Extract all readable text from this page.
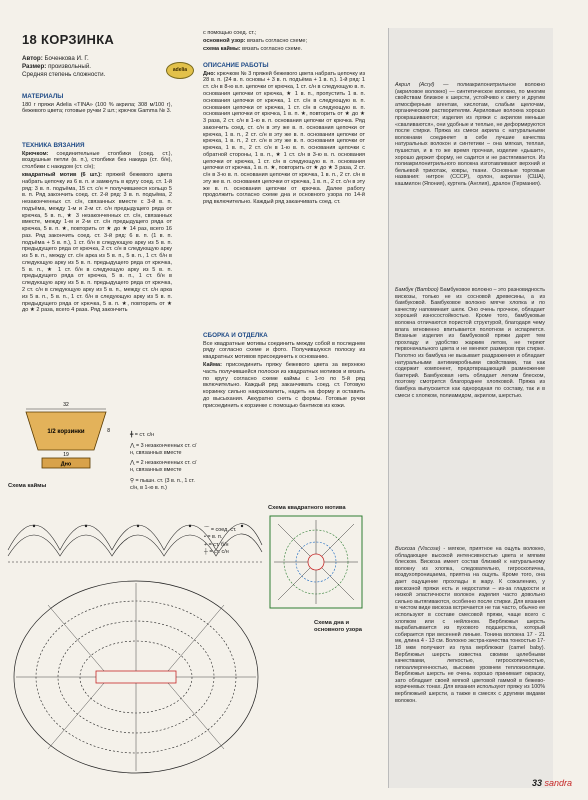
18 КОРЗИНКА
Автор: Боченкова И. Г.
Размер: произвольный.
Средняя степень сложности.
adelia
МАТЕРИАЛЫ

180 г пряжи Adelia «TINA» (100 % акрила; 308 м/100 г), бежевого цвета; готовые ручки 2 шт.; крючок Gamma № 3.

ТЕХНИКА ВЯЗАНИЯ

Крючком: соединительные столбики (соед. ст.), воздушные петли (в. п.), столбики без накида (ст. б/н), столбики с накидом (ст. с/н);

квадратный мотив (6 шт.): пряжей бежевого цвета набрать цепочку из 6 в. п. и замкнуть в кругу соед. ст. 1-й ряд: 3 в. п. подъёма, 15 ст. с/н = получившееся кольцо 5 в. п. Ряд закончить соед. ст. 2-й ряд: 3 в. п. подъёма, 2 незаконченных ст. с/н, связанных вместе с 3-й в. п. подъёма, между 1-м и 2-м ст. с/н предыдущего ряда от крючка, 5 в. п., ★ 3 незаконченных ст. с/н, связанных вместе, между 1-м и 2-м ст. с/н предыдущего ряда от крючка, 5 в. п. ★, повторить от ★ до ★ 14 раз, всего 16 раз. Ряд закончить соед. ст. 3-й ряд: 6 в. п. (1 в. п. подъёма + 5 в. п.), 1 ст. б/н в следующую арку из 5 в. п. предыдущего ряда от крючка, 2 ст. с/н в следующую арку из 5 в. п., между ст. с/н арка из 5 в. п., 5 в. п., 1 ст. б/н в следующую арку из 5 в. п. предыдущего ряда от крючка, 5 в. п., ★ 1 ст. б/н в следующую арку из 5 в. п. предыдущего ряда от крючка, 5 в. п., 1 ст. б/н в следующую арку из 5 в. п. предыдущего ряда от крючка, 2 ст. с/н в следующую арку из 5 в. п., между ст. с/н арка из 5 в. п., 5 в. п., 1 ст. б/н в следующую арку из 5 в. п. предыдущего ряда от крючка, 5 в. п. ★, повторить от ★ до ★ 2 раза, всего 4 раза. Ряд закончить

с помощью соед. ст.;

основной узор: вязать согласно схеме;

схема каймы: вязать согласно схеме.

ОПИСАНИЕ РАБОТЫ

Дно: крючком № 3 пряжей бежевого цвета набрать цепочку из 28 в. п. (24 в. п. основы + 3 в. п. подъёма + 1 в. п.). 1-й ряд: 1 ст. с/н в 8-ю в.п. цепочки от крючка, 1 ст. с/н в следующую в. п. основания цепочки от крючка, ★ 1 в. п., пропустить 1 в. п. основания цепочки от крючка, 1 ст. с/н в следующую в. п. основания цепочки от крючка, 1 ст. с/н в следующую в. п. основания цепочки от крючка, 1 в. п. ★, повторить от ★ до ★ 3 раза, 2 ст. с/н в 1-ю в. п. основания цепочки от крючка. Ряд закончить соед. ст. с/н в эту же в. п. основания цепочки от крючка, 1 в. п., 2 ст. с/н в эту же в. п. основания цепочки от крючка, 1 в. п., 2 ст. с/н в эту же в. п. основания цепочки от крючка, 1 в. п., 2 ст. с/н в 1-ю в. п. основания цепочки с обратной стороны, 1 в. п., ★ 1 ст. с/н в 3-ю в. п. основания цепочки от крючка, 1 ст. с/н в следующую в. п. основания цепочки от крючка, 1 в. п. ★, повторить от ★ до ★ 3 раза, 2 ст. с/н в 3-ю в. п. основания цепочки от крючка, 1 в. п., 2 ст. с/н в эту же в. п. основания цепочки от крючка, 1 в. п., 2 ст. с/н в эту же в. п. основания цепочки от крючка. Далее работу продолжить согласно схеме дна и основного узора по 14-й ряд включительно. Каждый ряд заканчивать соед. ст.

СБОРКА И ОТДЕЛКА

Все квадратные мотивы соединить между собой в последнем ряду согласно схеме и фото. Получившуюся полоску из квадратных мотивов присоединить к основанию.

Кайма: присоединить пряжу бежевого цвета за верхнюю часть получившейся полоски из квадратных мотивов и вязать по кругу согласно схеме каймы с 1-го по 5-й ряд включительно. Каждый ряд заканчивать соед. ст. Готовую корзинку сильно накрахмалить, надеть на форму и оставить до высыхания. Аккуратно снять с формы. Готовые ручки присоединить к корзинке с помощью бантиков из кожи.

32
1/2 корзинки	8
19
Дно
╋ = ст. с/н
⋀ = 3 незаконченных ст. с/н, связанных вместе
⋀ = 2 незаконченных ст. с/н, связанных вместе
⚲ = пышн. ст. (3 в. п., 1 ст. с/н, в 1-ю в. п.)
⌒ = соед. ст.
• = в. п.
+ = ст. б/н
┼ = ст. с/н
Схема каймы
Схема квадратного мотива
Схема дна и основного узора

Акрил (Acryl) — полиакрилонитрильное волокно (акриловое волокно) — синтетическое волокно, по многим свойствам близкое к шерсти, устойчиво к свету и другим атмосферным агентам, кислотам, слабым щелочам, органическим растворителям. Акриловые волокна хорошо прокрашиваются; изделия из пряжи с акрилом меньше «сваливаются», они удобные и теплые, не деформируются после стирки. Пряжа из смеси акрила с натуральными волокнами соединяет в себе лучшие качества натуральных волокон и синтетики – она мягкая, теплая, пушистая, и в то же время прочная, изделие «дышит», хорошо держит форму, не садится и не растягивается. Из полиакрилонитрильного волокна изготавливают верхний и бельевой трикотаж, ковры, ткани. Основные торговые названия: нитрон (СССР), орлон, акрилан (США), кашмилон (Япония), куртель (Англия), дралон (Германия).

Бамбук (Bamboo) Бамбуковое волокно – это разновидность вискозы, только не из сосновой древесины, а из бамбуковой. Бамбуковое волокно мягче хлопка и по качеству напоминает шелк. Оно очень прочное, обладает хорошей износостойкостью. Кроме того, бамбуковые волокна отличаются пористой структурой, благодаря чему влага мгновенно впитывается полотном и испаряется. Вязаные изделия из бамбуковой пряжи дарят тем прохладу и удобство жарким летом, не теряют первоначального цвета и не меняют размеров при стирке. Полотно из бамбука не вызывает раздражения и обладает натуральными антимикробными свойствами, так как содержит компонент, предотвращающий размножение бактерий. Бамбуковая нить обладает легким блеском, поэтому смотрится благороднее хлопковой. Пряжа из бамбука выпускается как однородная по составу, так и в смеси с хлопком, полиамидом, акрилом, шерстью.

Вискоза (Viscose) - мягкое, приятное на ощупь волокно, обладающее высокой интенсивностью цвета и мягким блеском. Вискоза имеет состав близкий к натуральному волокну из хлопка, следовательно, гигроскопична, воздухопроницаема, приятна на ощупь. Кроме того, она дает ощущение прохлады в жару. К сожалению, у вискозной пряжи есть и недостатки – из-за гладкости и низкой эластичности волокон изделия часто довольно сильно вытягиваются, особенно после стирки. Для вязания в чистом виде вискоза встречается не так часто, обычно ее используют в составе смесовой пряжи, чаще всего с хлопком или с нейлоном. Верблюжья шерсть вырабатывается из пухового подшерстка, который собирается при весенней линьке. Тонина волокна 17 - 21 мк, длина 4 - 13 см. Волокно экстра-качества тонкостью 17-18 мкм получают из пуха верблюжат (camel baby). Верблюжья шерсть известна своими целебными качествами, легкостью, гигроскопичностью, гипоаллергенностью, высоким уровнем теплоизоляции. Верблюжья шерсть не очень хорошо принимает окраску, зато обладает своей мягкой цветовой гаммой в бежево-коричневых тонах. Для вязания используют пряжу из 100% верблюжьей шерсти, а также в смесях с другими видами волокон.

33 sandra
